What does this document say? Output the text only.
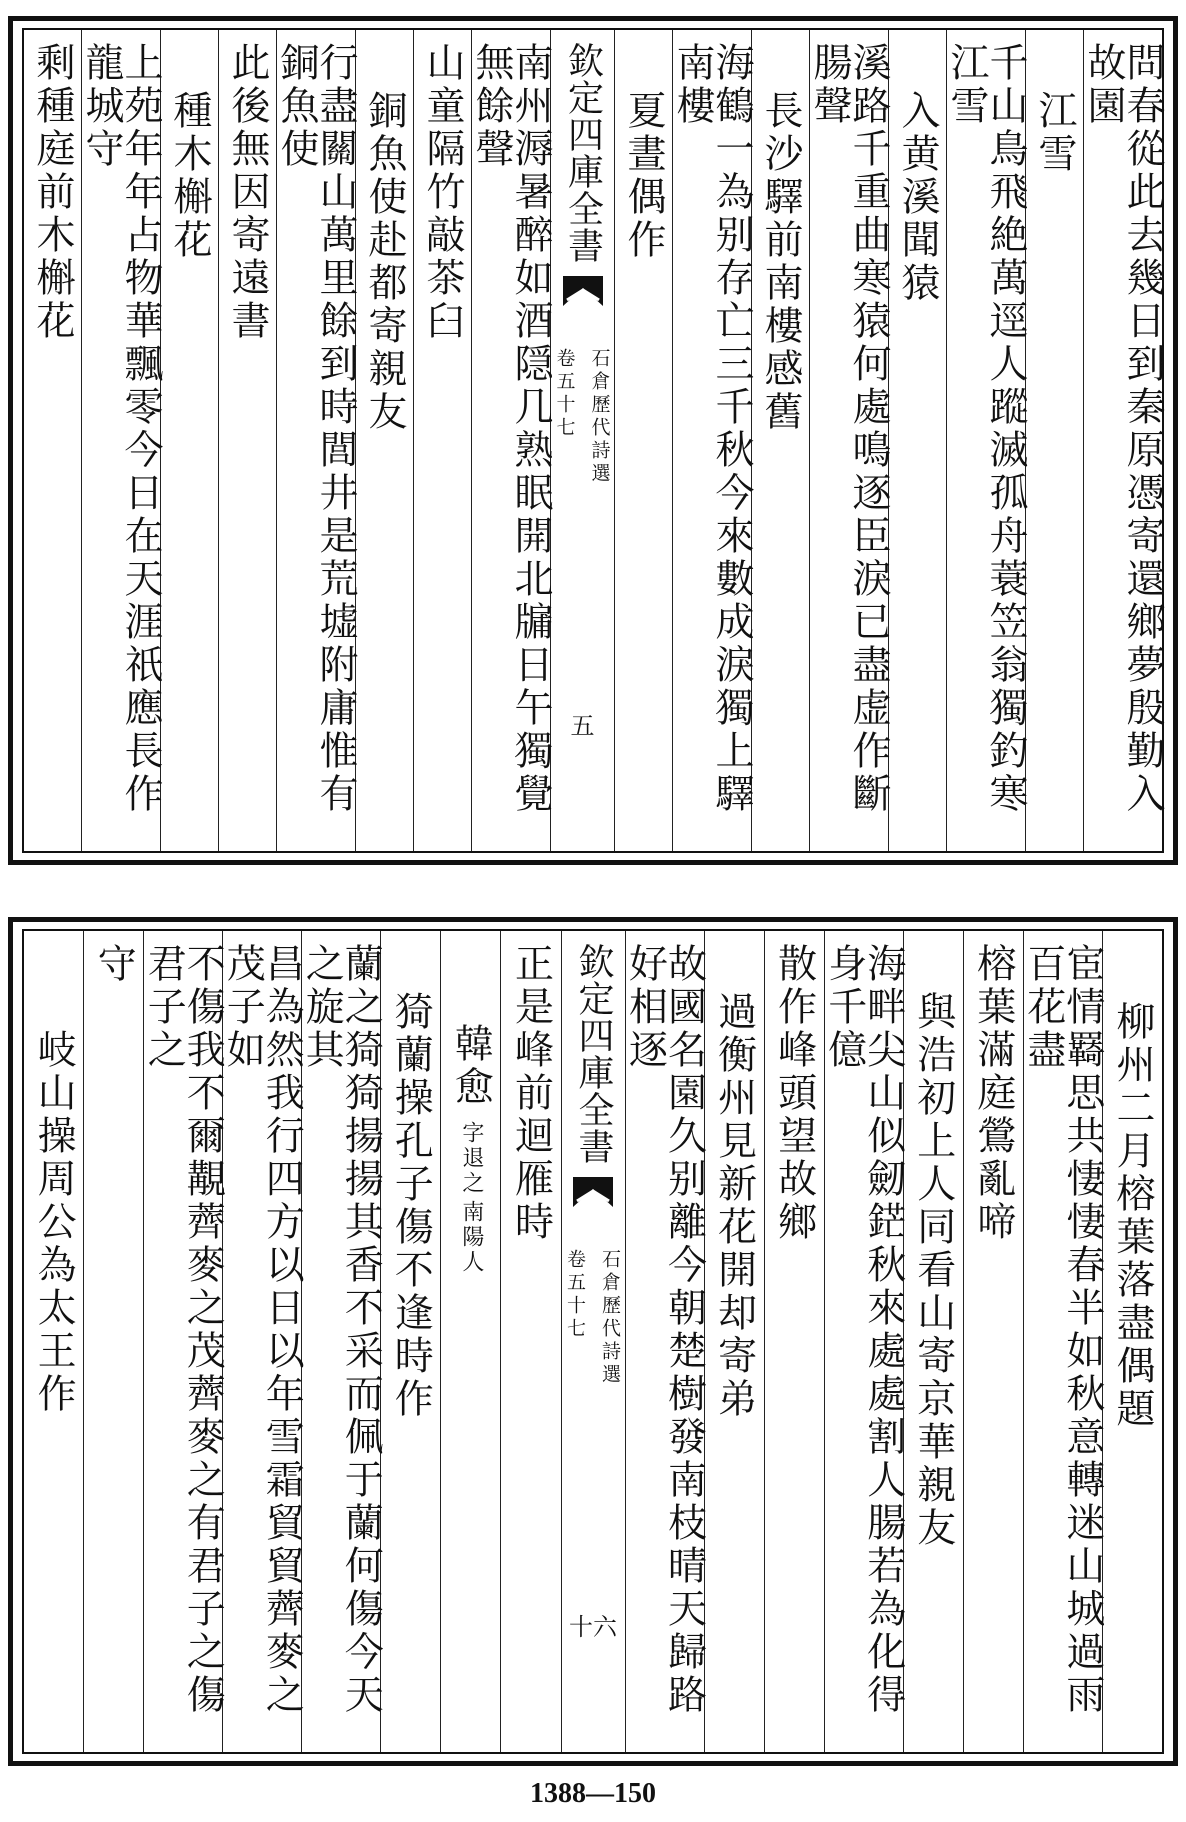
問春從此去幾日到秦原憑寄還鄉夢殷勤入故園
江雪
千山鳥飛絶萬逕人蹤滅孤舟蓑笠翁獨釣寒江雪
入黄溪聞猿
溪路千重曲寒猿何處鳴逐臣淚已盡虚作斷腸聲
長沙驛前南樓感舊
海鶴一為别存亡三千秋今來數成淚獨上驛南樓
夏晝偶作
欽定四庫全書
石倉歷代詩選
卷五十七
五
南州溽暑醉如酒隠几熟眠開北牖日午獨覺無餘聲
山童隔竹敲茶臼
銅魚使赴都寄親友
行盡關山萬里餘到時閭井是荒墟附庸惟有銅魚使
此後無因寄遠書
種木槲花
上苑年年占物華飄零今日在天涯祇應長作龍城守
剩種庭前木槲花
柳州二月榕葉落盡偶題
宦情羇思共悽悽春半如秋意轉迷山城過雨百花盡
榕葉滿庭鶯亂啼
與浩初上人同看山寄京華親友
海畔尖山似劒鋩秋來處處割人腸若為化得身千億
散作峰頭望故鄉
過衡州見新花開却寄弟
故國名園久别離今朝楚樹發南枝晴天歸路好相逐
欽定四庫全書
石倉歷代詩選
卷五十七
十六
正是峰前迴雁時
韓愈
字退之
南陽人
猗蘭操孔子傷不逢時作
蘭之猗猗揚揚其香不采而佩于蘭何傷今天之旋其
昌為然我行四方以日以年雪霜貿貿薺麥之茂子如
不傷我不爾覯薺麥之茂薺麥之有君子之傷君子之
守
岐山操周公為太王作
1388—150
